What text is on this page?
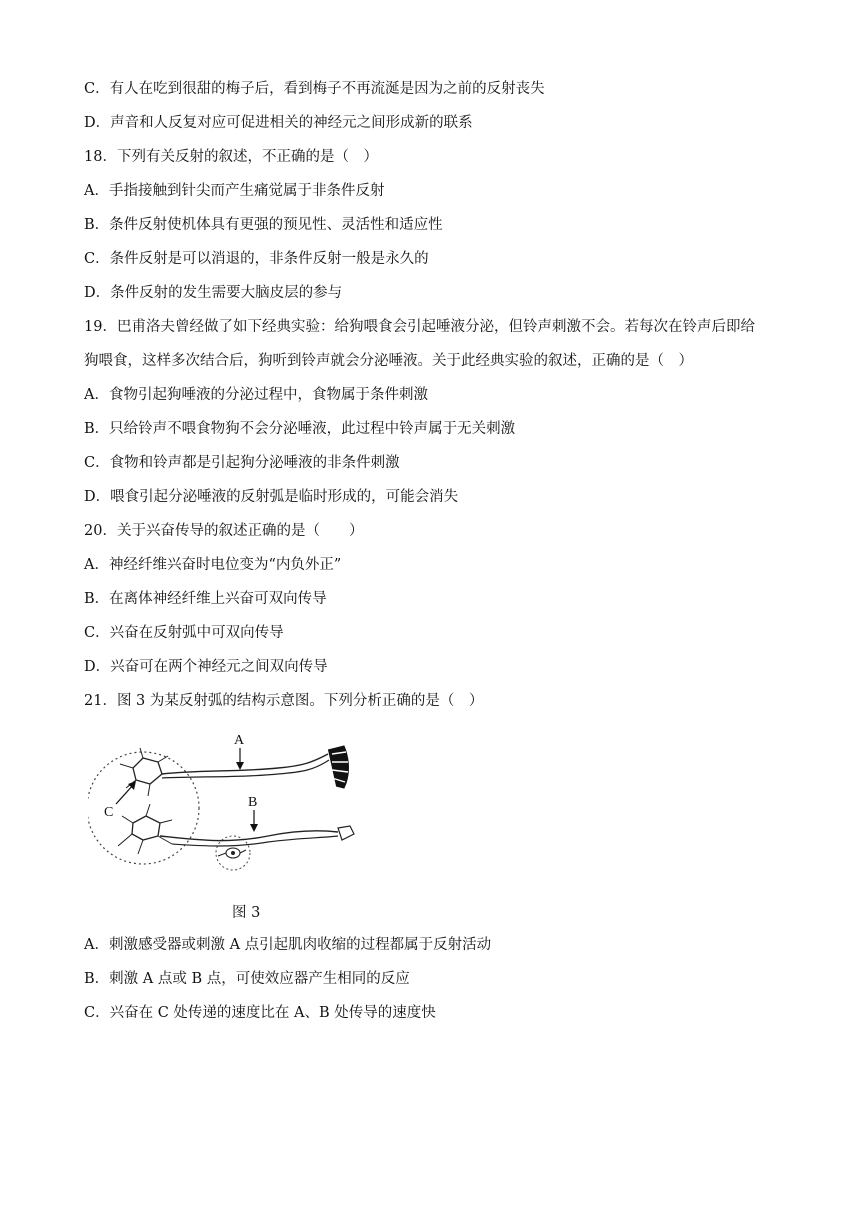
C．有人在吃到很甜的梅子后，看到梅子不再流涎是因为之前的反射丧失
D．声音和人反复对应可促进相关的神经元之间形成新的联系
18．下列有关反射的叙述，不正确的是（　）
A．手指接触到针尖而产生痛觉属于非条件反射
B．条件反射使机体具有更强的预见性、灵活性和适应性
C．条件反射是可以消退的，非条件反射一般是永久的
D．条件反射的发生需要大脑皮层的参与
19．巴甫洛夫曾经做了如下经典实验：给狗喂食会引起唾液分泌，但铃声刺激不会。若每次在铃声后即给
狗喂食，这样多次结合后，狗听到铃声就会分泌唾液。关于此经典实验的叙述，正确的是（　）
A．食物引起狗唾液的分泌过程中，食物属于条件刺激
B．只给铃声不喂食物狗不会分泌唾液，此过程中铃声属于无关刺激
C．食物和铃声都是引起狗分泌唾液的非条件刺激
D．喂食引起分泌唾液的反射弧是临时形成的，可能会消失
20．关于兴奋传导的叙述正确的是（　　）
A．神经纤维兴奋时电位变为“内负外正”
B．在离体神经纤维上兴奋可双向传导
C．兴奋在反射弧中可双向传导
D．兴奋可在两个神经元之间双向传导
21．图 3 为某反射弧的结构示意图。下列分析正确的是（　）
A
B
C
图 3
A．刺激感受器或刺激 A 点引起肌肉收缩的过程都属于反射活动
B．刺激 A 点或 B 点，可使效应器产生相同的反应
C．兴奋在 C 处传递的速度比在 A、B 处传导的速度快
